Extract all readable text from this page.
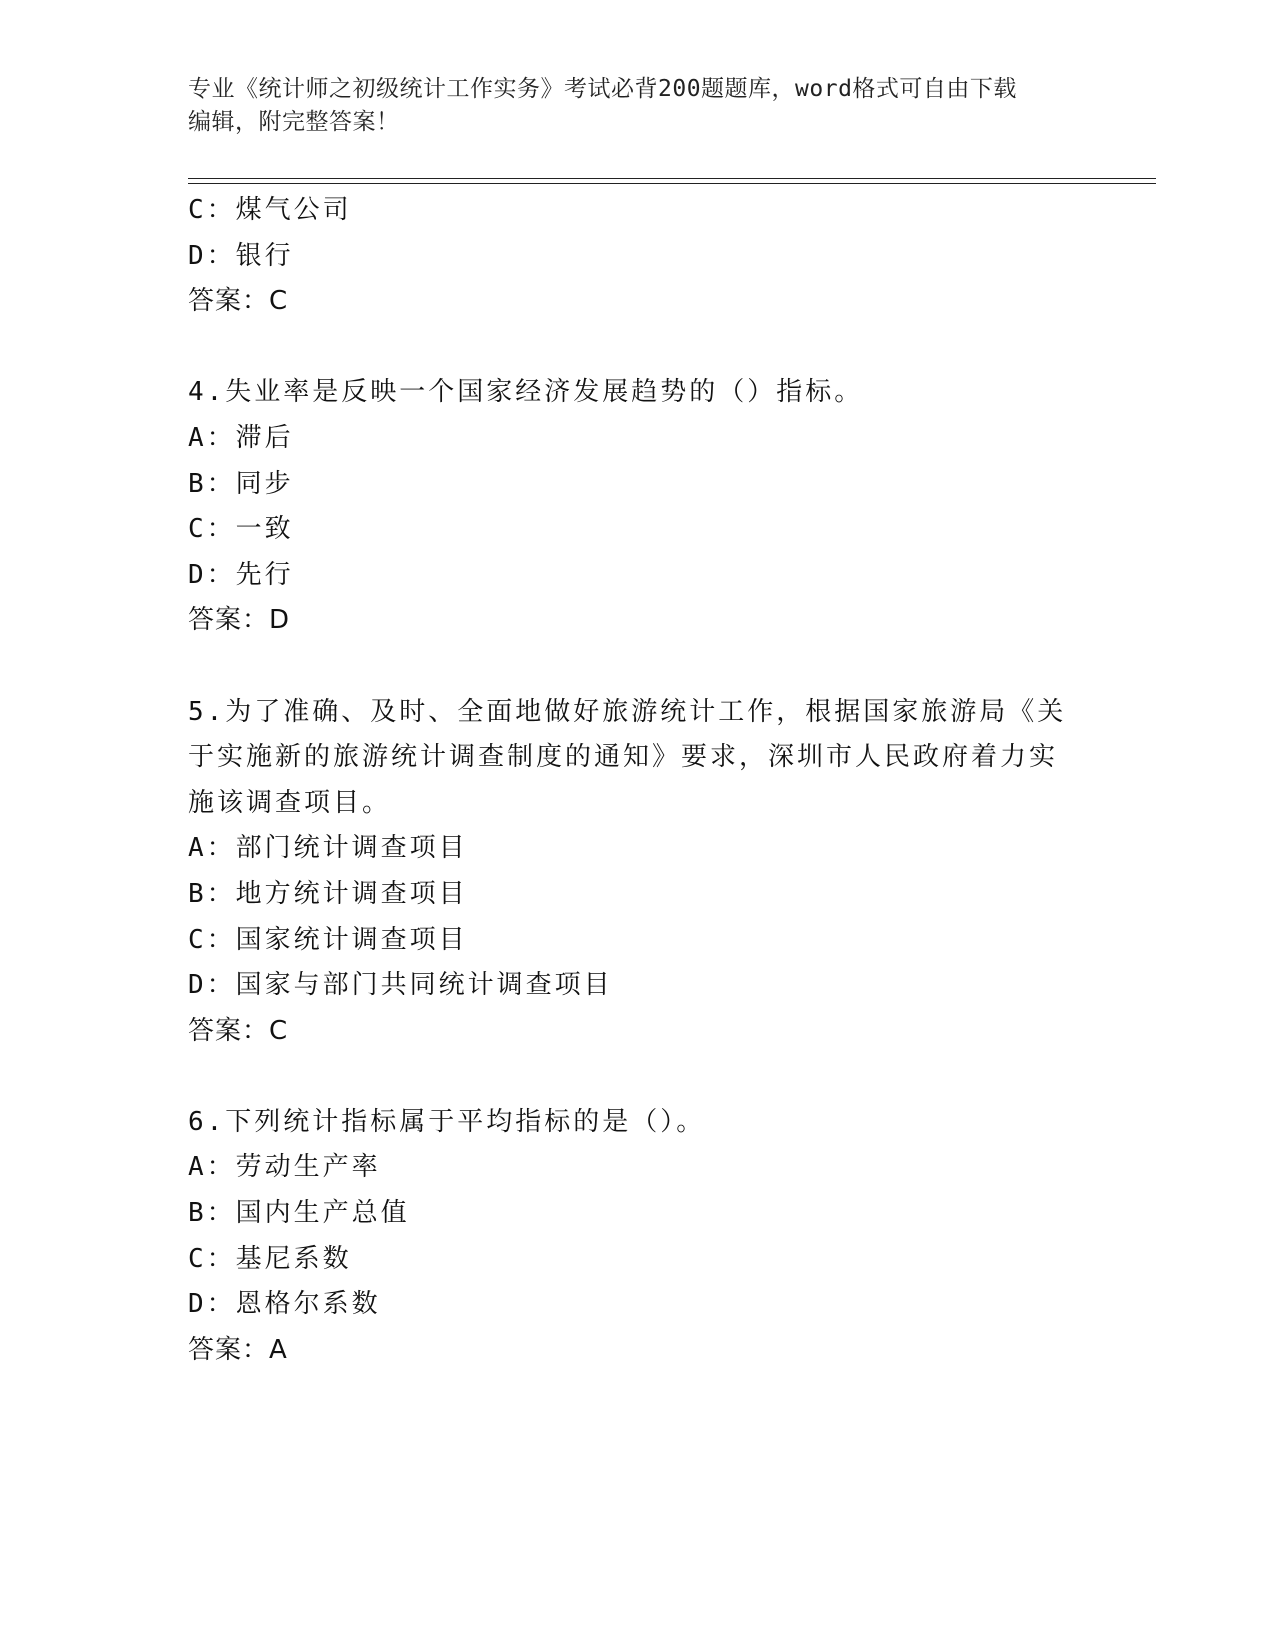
专业《统计师之初级统计工作实务》考试必背200题题库，word格式可自由下载
编辑，附完整答案！
C：煤气公司
D：银行
答案：C
4.失业率是反映一个国家经济发展趋势的（）指标。
A：滞后
B：同步
C：一致
D：先行
答案：D
5.为了准确、及时、全面地做好旅游统计工作，根据国家旅游局《关
于实施新的旅游统计调查制度的通知》要求，深圳市人民政府着力实
施该调查项目。
A：部门统计调查项目
B：地方统计调查项目
C：国家统计调查项目
D：国家与部门共同统计调查项目
答案：C
6.下列统计指标属于平均指标的是（）。
A：劳动生产率
B：国内生产总值
C：基尼系数
D：恩格尔系数
答案：A
